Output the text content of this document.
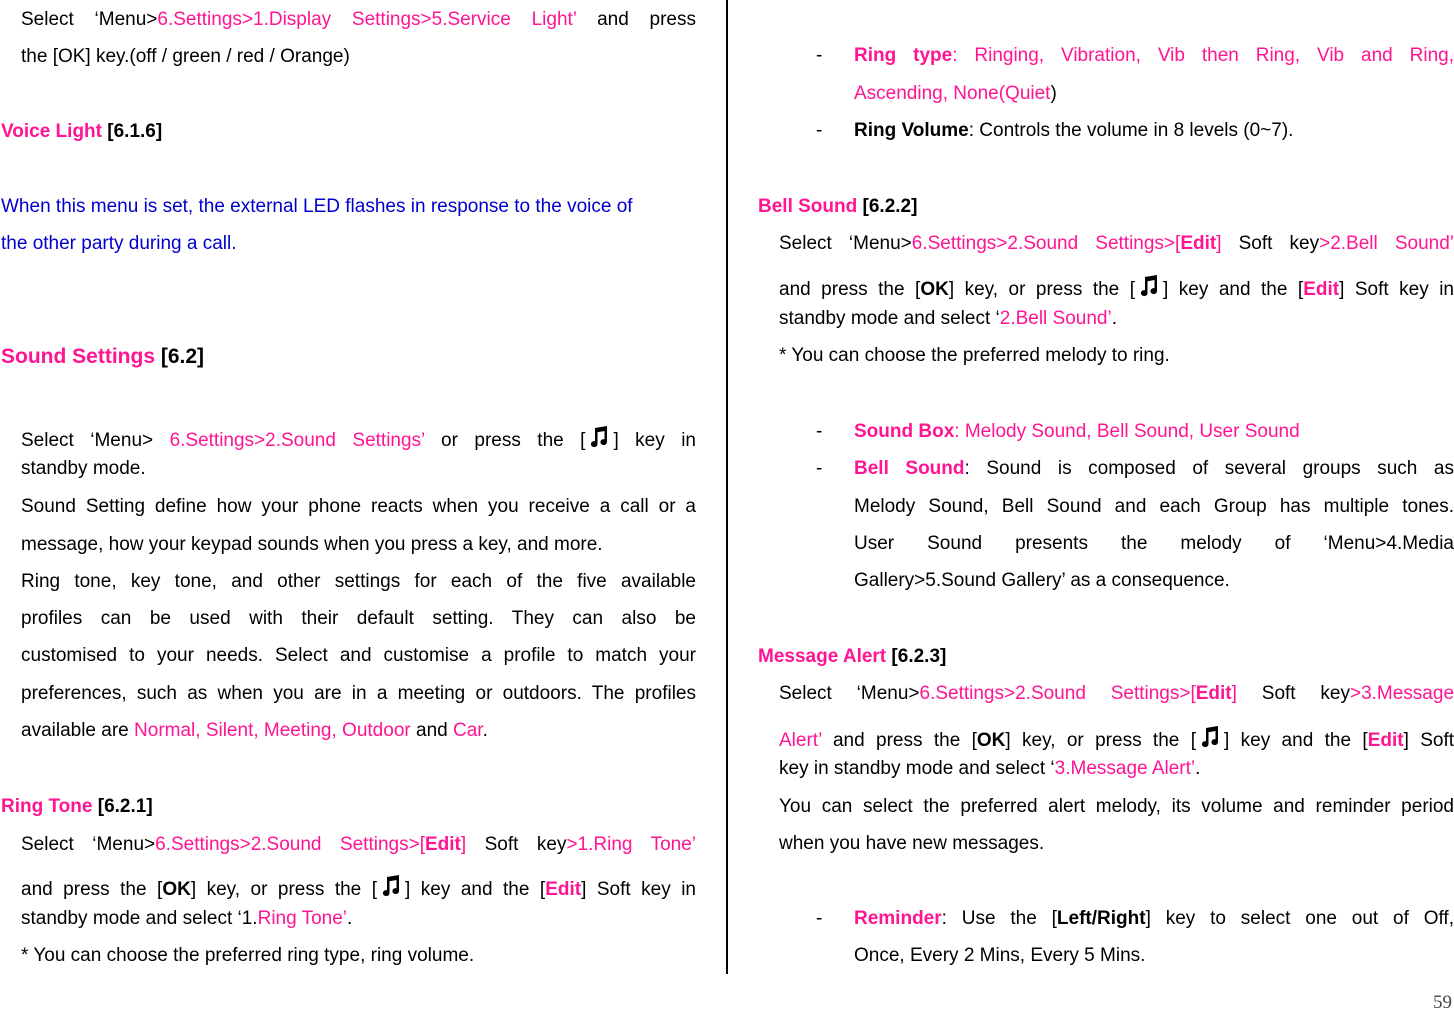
Select ‘Menu>6.Settings>1.Display Settings>5.Service Light’ and press
the [OK] key.(off / green / red / Orange)
Voice Light [6.1.6]
When this menu is set, the external LED flashes in response to the voice of
the other party during a call.
Sound Settings [6.2]
Select ‘Menu> 6.Settings>2.Sound Settings’ or press the [ ] key in
standby mode.
Sound Setting define how your phone reacts when you receive a call or a
message, how your keypad sounds when you press a key, and more.
Ring tone, key tone, and other settings for each of the five available
profiles can be used with their default setting. They can also be
customised to your needs. Select and customise a profile to match your
preferences, such as when you are in a meeting or outdoors. The profiles
available are Normal, Silent, Meeting, Outdoor and Car.
Ring Tone [6.2.1]
Select ‘Menu>6.Settings>2.Sound Settings>[Edit] Soft key>1.Ring Tone’
and press the [OK] key, or press the [ ] key and the [Edit] Soft key in
standby mode and select ‘1.Ring Tone’.
* You can choose the preferred ring type, ring volume.
- Ring type: Ringing, Vibration, Vib then Ring, Vib and Ring,
Ascending, None(Quiet)
- Ring Volume: Controls the volume in 8 levels (0~7).
Bell Sound [6.2.2]
Select ‘Menu>6.Settings>2.Sound Settings>[Edit] Soft key>2.Bell Sound’
and press the [OK] key, or press the [ ] key and the [Edit] Soft key in
standby mode and select ‘2.Bell Sound’.
* You can choose the preferred melody to ring.
- Sound Box: Melody Sound, Bell Sound, User Sound
- Bell Sound: Sound is composed of several groups such as
Melody Sound, Bell Sound and each Group has multiple tones.
User Sound presents the melody of ‘Menu>4.Media
Gallery>5.Sound Gallery’ as a consequence.
Message Alert [6.2.3]
Select ‘Menu>6.Settings>2.Sound Settings>[Edit] Soft key>3.Message
Alert’ and press the [OK] key, or press the [ ] key and the [Edit] Soft
key in standby mode and select ‘3.Message Alert’.
You can select the preferred alert melody, its volume and reminder period
when you have new messages.
- Reminder: Use the [Left/Right] key to select one out of Off,
Once, Every 2 Mins, Every 5 Mins.
59
